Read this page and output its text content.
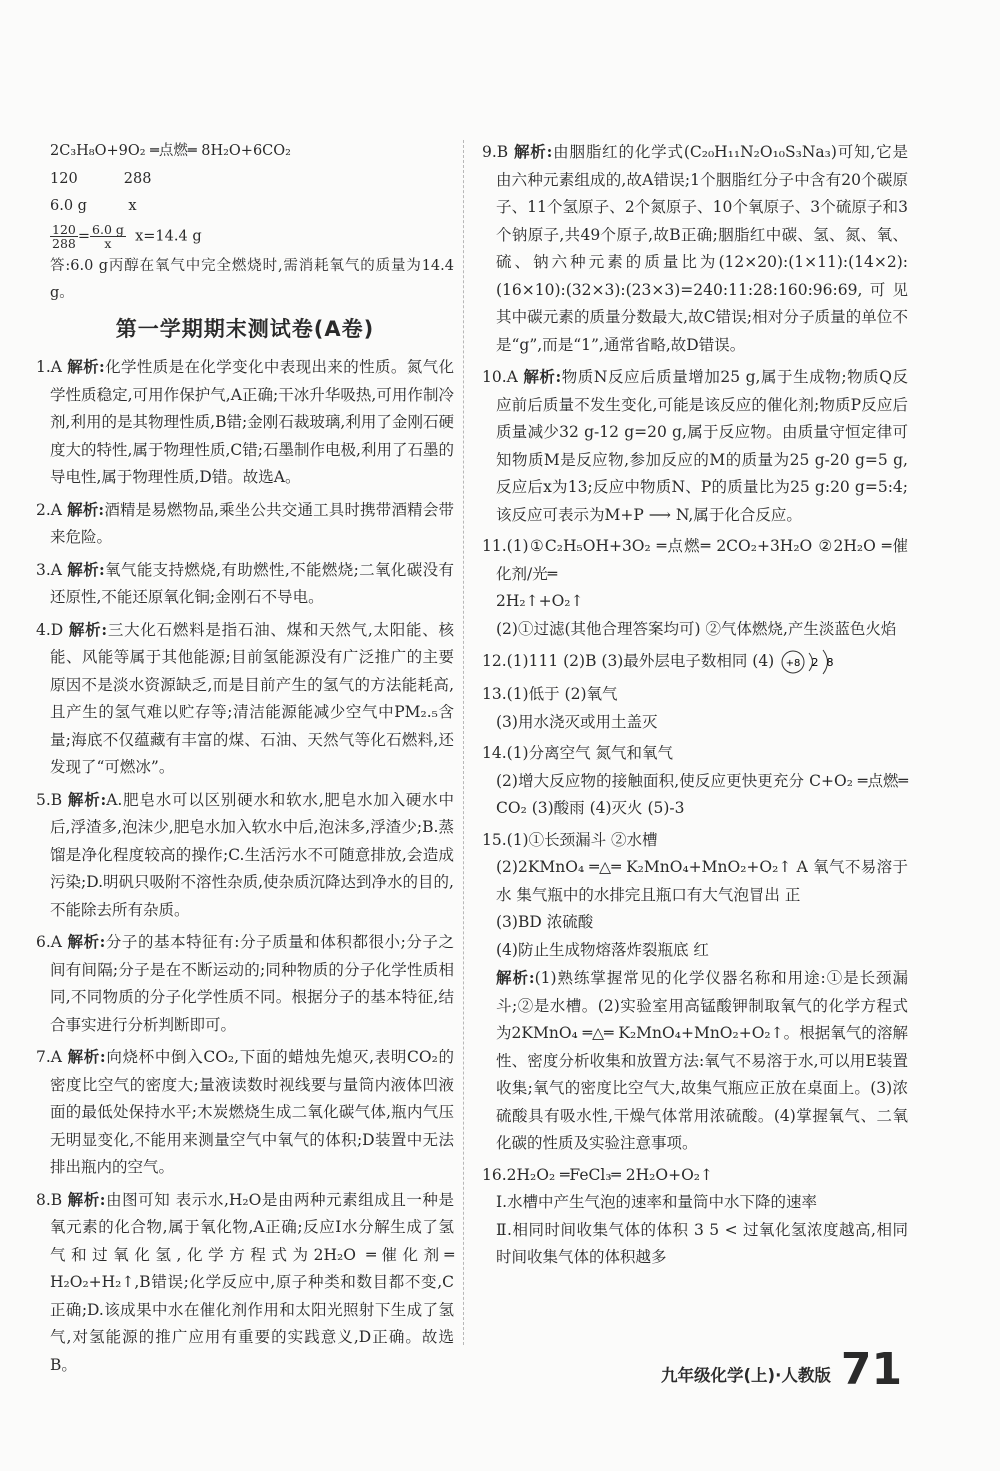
2C₃H₈O+9O₂ ═点燃═ 8H₂O+6CO₂
120          288
6.0 g         x
$\frac{120}{288} = \frac{6.0 g}{x} x=14.4$ g

答:6.0 g丙醇在氧气中完全燃烧时,需消耗氧气的质量为14.4 g。

第一学期期末测试卷(A卷)

1.A 解析:化学性质是在化学变化中表现出来的性质。氮气化学性质稳定,可用作保护气,A正确;干冰升华吸热,可用作制冷剂,利用的是其物理性质,B错;金刚石裁玻璃,利用了金刚石硬度大的特性,属于物理性质,C错;石墨制作电极,利用了石墨的导电性,属于物理性质,D错。故选A。

2.A 解析:酒精是易燃物品,乘坐公共交通工具时携带酒精会带来危险。

3.A 解析:氧气能支持燃烧,有助燃性,不能燃烧;二氧化碳没有还原性,不能还原氧化铜;金刚石不导电。

4.D 解析:三大化石燃料是指石油、煤和天然气,太阳能、核能、风能等属于其他能源;目前氢能源没有广泛推广的主要原因不是淡水资源缺乏,而是目前产生的氢气的方法能耗高,且产生的氢气难以贮存等;清洁能源能减少空气中PM₂.₅含量;海底不仅蕴藏有丰富的煤、石油、天然气等化石燃料,还发现了“可燃冰”。

5.B 解析:A.肥皂水可以区别硬水和软水,肥皂水加入硬水中后,浮渣多,泡沫少,肥皂水加入软水中后,泡沫多,浮渣少;B.蒸馏是净化程度较高的操作;C.生活污水不可随意排放,会造成污染;D.明矾只吸附不溶性杂质,使杂质沉降达到净水的目的,不能除去所有杂质。

6.A 解析:分子的基本特征有:分子质量和体积都很小;分子之间有间隔;分子是在不断运动的;同种物质的分子化学性质相同,不同物质的分子化学性质不同。根据分子的基本特征,结合事实进行分析判断即可。

7.A 解析:向烧杯中倒入CO₂,下面的蜡烛先熄灭,表明CO₂的密度比空气的密度大;量液读数时视线要与量筒内液体凹液面的最低处保持水平;木炭燃烧生成二氧化碳气体,瓶内气压无明显变化,不能用来测量空气中氧气的体积;D装置中无法排出瓶内的空气。

8.B 解析:由图可知 表示水,H₂O是由两种元素组成且一种是氧元素的化合物,属于氧化物,A正确;反应Ⅰ水分解生成了氢气和过氧化氢,化学方程式为2H₂O ═催化剂═ H₂O₂+H₂↑,B错误;化学反应中,原子种类和数目都不变,C正确;D.该成果中水在催化剂作用和太阳光照射下生成了氢气,对氢能源的推广应用有重要的实践意义,D正确。故选B。

9.B 解析:由胭脂红的化学式(C₂₀H₁₁N₂O₁₀S₃Na₃)可知,它是由六种元素组成的,故A错误;1个胭脂红分子中含有20个碳原子、11个氢原子、2个氮原子、10个氧原子、3个硫原子和3个钠原子,共49个原子,故B正确;胭脂红中碳、氢、氮、氧、硫、钠六种元素的质量比为(12×20):(1×11):(14×2):(16×10):(32×3):(23×3)=240:11:28:160:96:69,可见其中碳元素的质量分数最大,故C错误;相对分子质量的单位不是“g”,而是“1”,通常省略,故D错误。

10.A 解析:物质N反应后质量增加25 g,属于生成物;物质Q反应前后质量不发生变化,可能是该反应的催化剂;物质P反应后质量减少32 g-12 g=20 g,属于反应物。由质量守恒定律可知物质M是反应物,参加反应的M的质量为25 g-20 g=5 g,反应后x为13;反应中物质N、P的质量比为25 g:20 g=5:4;该反应可表示为M+P ⟶ N,属于化合反应。

11.(1)①C₂H₅OH+3O₂ ═点燃═ 2CO₂+3H₂O ②2H₂O ═催化剂/光═

2H₂↑+O₂↑

(2)①过滤(其他合理答案均可) ②气体燃烧,产生淡蓝色火焰

12.(1)111 (2)B (3)最外层电子数相同 (4) +8 2 8

13.(1)低于 (2)氧气

(3)用水浇灭或用土盖灭

14.(1)分离空气 氮气和氧气

(2)增大反应物的接触面积,使反应更快更充分 C+O₂ ═点燃═ CO₂ (3)酸雨 (4)灭火 (5)-3

15.(1)①长颈漏斗 ②水槽

(2)2KMnO₄ ═△═ K₂MnO₄+MnO₂+O₂↑ A 氧气不易溶于水 集气瓶中的水排完且瓶口有大气泡冒出 正

(3)BD 浓硫酸

(4)防止生成物熔落炸裂瓶底 红

解析:(1)熟练掌握常见的化学仪器名称和用途:①是长颈漏斗;②是水槽。(2)实验室用高锰酸钾制取氧气的化学方程式为2KMnO₄ ═△═ K₂MnO₄+MnO₂+O₂↑。根据氧气的溶解性、密度分析收集和放置方法:氧气不易溶于水,可以用E装置收集;氧气的密度比空气大,故集气瓶应正放在桌面上。(3)浓硫酸具有吸水性,干燥气体常用浓硫酸。(4)掌握氧气、二氧化碳的性质及实验注意事项。

16.2H₂O₂ ═FeCl₃═ 2H₂O+O₂↑

Ⅰ.水槽中产生气泡的速率和量筒中水下降的速率

Ⅱ.相同时间收集气体的体积 3 5 < 过氧化氢浓度越高,相同时间收集气体的体积越多

九年级化学(上)·人教版 71
